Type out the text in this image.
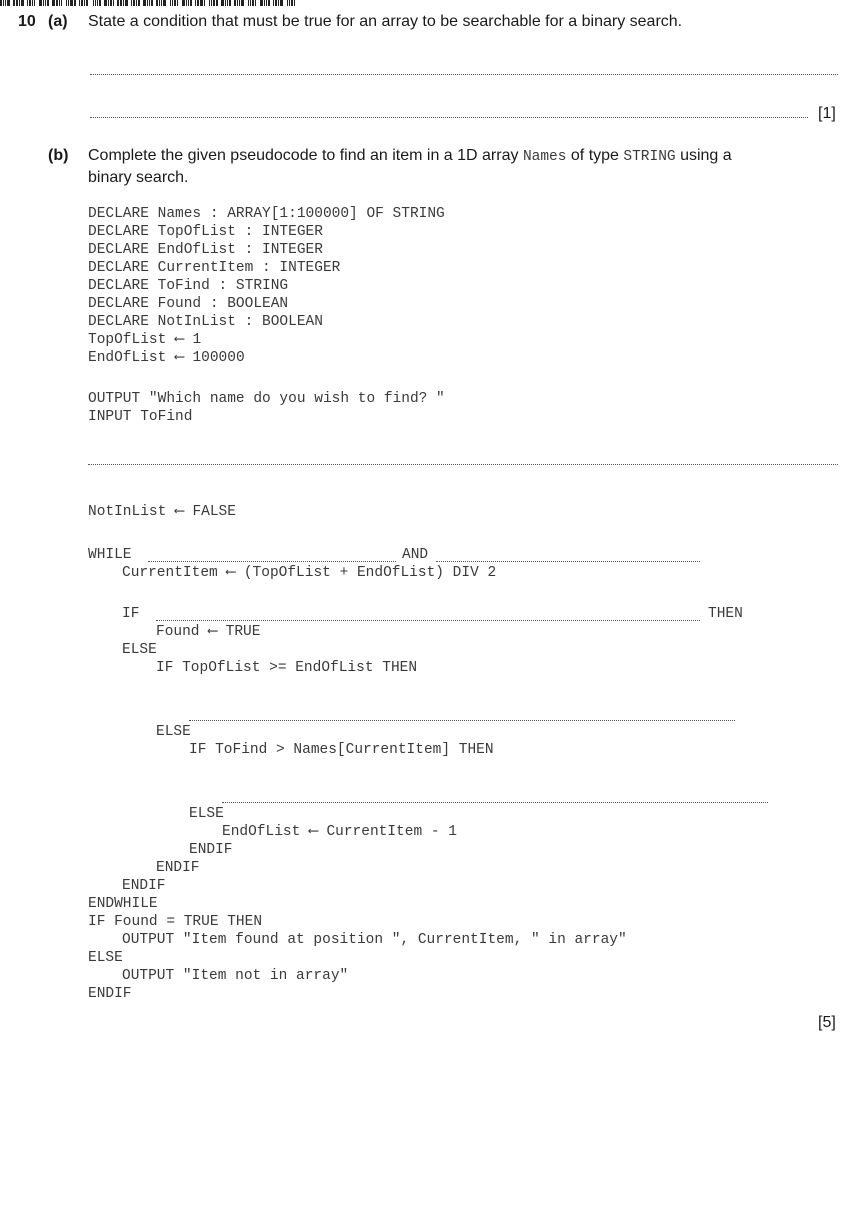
10 (a) State a condition that must be true for an array to be searchable for a binary search.
[1]
(b) Complete the given pseudocode to find an item in a 1D array Names of type STRING using a
binary search.
DECLARE Names : ARRAY[1:100000] OF STRING
DECLARE TopOfList : INTEGER
DECLARE EndOfList : INTEGER
DECLARE CurrentItem : INTEGER
DECLARE ToFind : STRING
DECLARE Found : BOOLEAN
DECLARE NotInList : BOOLEAN
TopOfList ⟵ 1
EndOfList ⟵ 100000
OUTPUT "Which name do you wish to find? "
INPUT ToFind
NotInList ⟵ FALSE
WHILE	AND
CurrentItem ⟵ (TopOfList + EndOfList) DIV 2
IF	THEN
Found ⟵ TRUE
ELSE
IF TopOfList >= EndOfList THEN
ELSE
IF ToFind > Names[CurrentItem] THEN
ELSE
EndOfList ⟵ CurrentItem - 1
ENDIF
ENDIF
ENDIF
ENDWHILE
IF Found = TRUE THEN
OUTPUT "Item found at position ", CurrentItem, " in array"
ELSE
OUTPUT "Item not in array"
ENDIF
[5]
